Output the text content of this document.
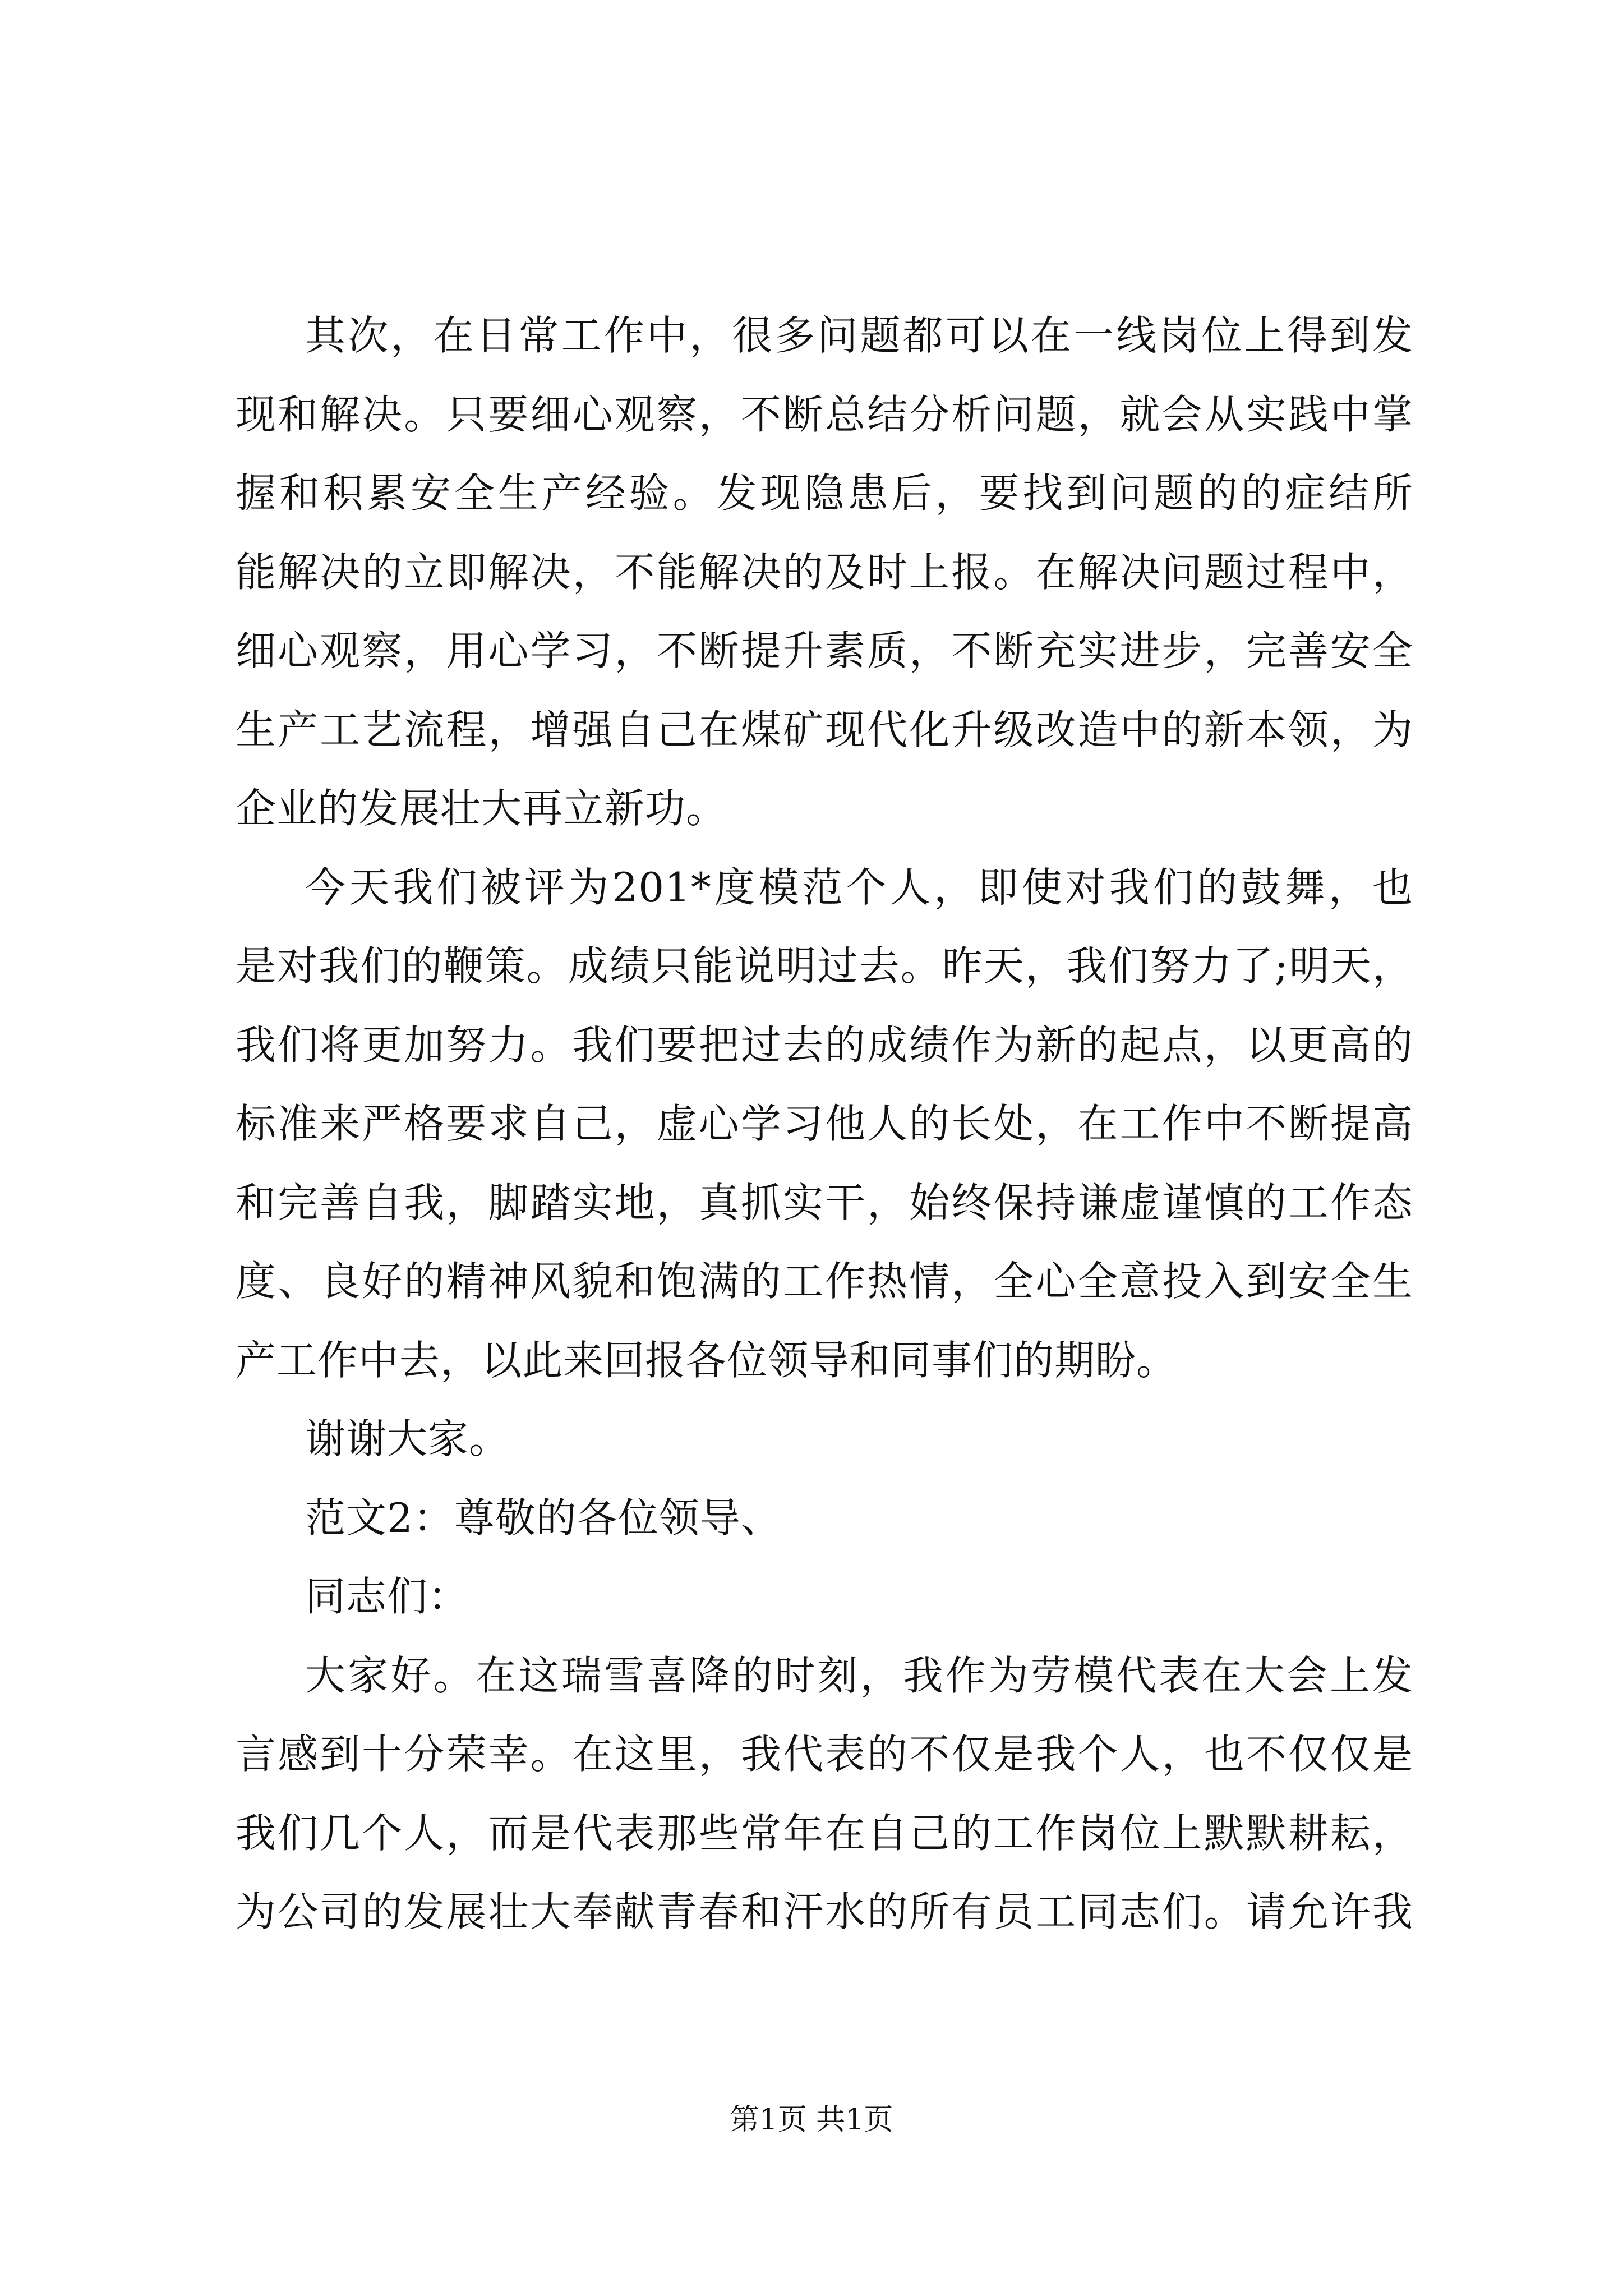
其次，在日常工作中，很多问题都可以在一线岗位上得到发
现和解决。只要细心观察，不断总结分析问题，就会从实践中掌
握和积累安全生产经验。发现隐患后，要找到问题的的症结所
能解决的立即解决，不能解决的及时上报。在解决问题过程中，
细心观察，用心学习，不断提升素质，不断充实进步，完善安全
生产工艺流程，增强自己在煤矿现代化升级改造中的新本领，为
企业的发展壮大再立新功。
今天我们被评为201*度模范个人，即使对我们的鼓舞，也
是对我们的鞭策。成绩只能说明过去。昨天，我们努力了;明天，
我们将更加努力。我们要把过去的成绩作为新的起点，以更高的
标准来严格要求自己，虚心学习他人的长处，在工作中不断提高
和完善自我，脚踏实地，真抓实干，始终保持谦虚谨慎的工作态
度、良好的精神风貌和饱满的工作热情，全心全意投入到安全生
产工作中去，以此来回报各位领导和同事们的期盼。
谢谢大家。
范文2：尊敬的各位领导、
同志们：
大家好。在这瑞雪喜降的时刻，我作为劳模代表在大会上发
言感到十分荣幸。在这里，我代表的不仅是我个人，也不仅仅是
我们几个人，而是代表那些常年在自己的工作岗位上默默耕耘，
为公司的发展壮大奉献青春和汗水的所有员工同志们。请允许我
第1页 共1页
